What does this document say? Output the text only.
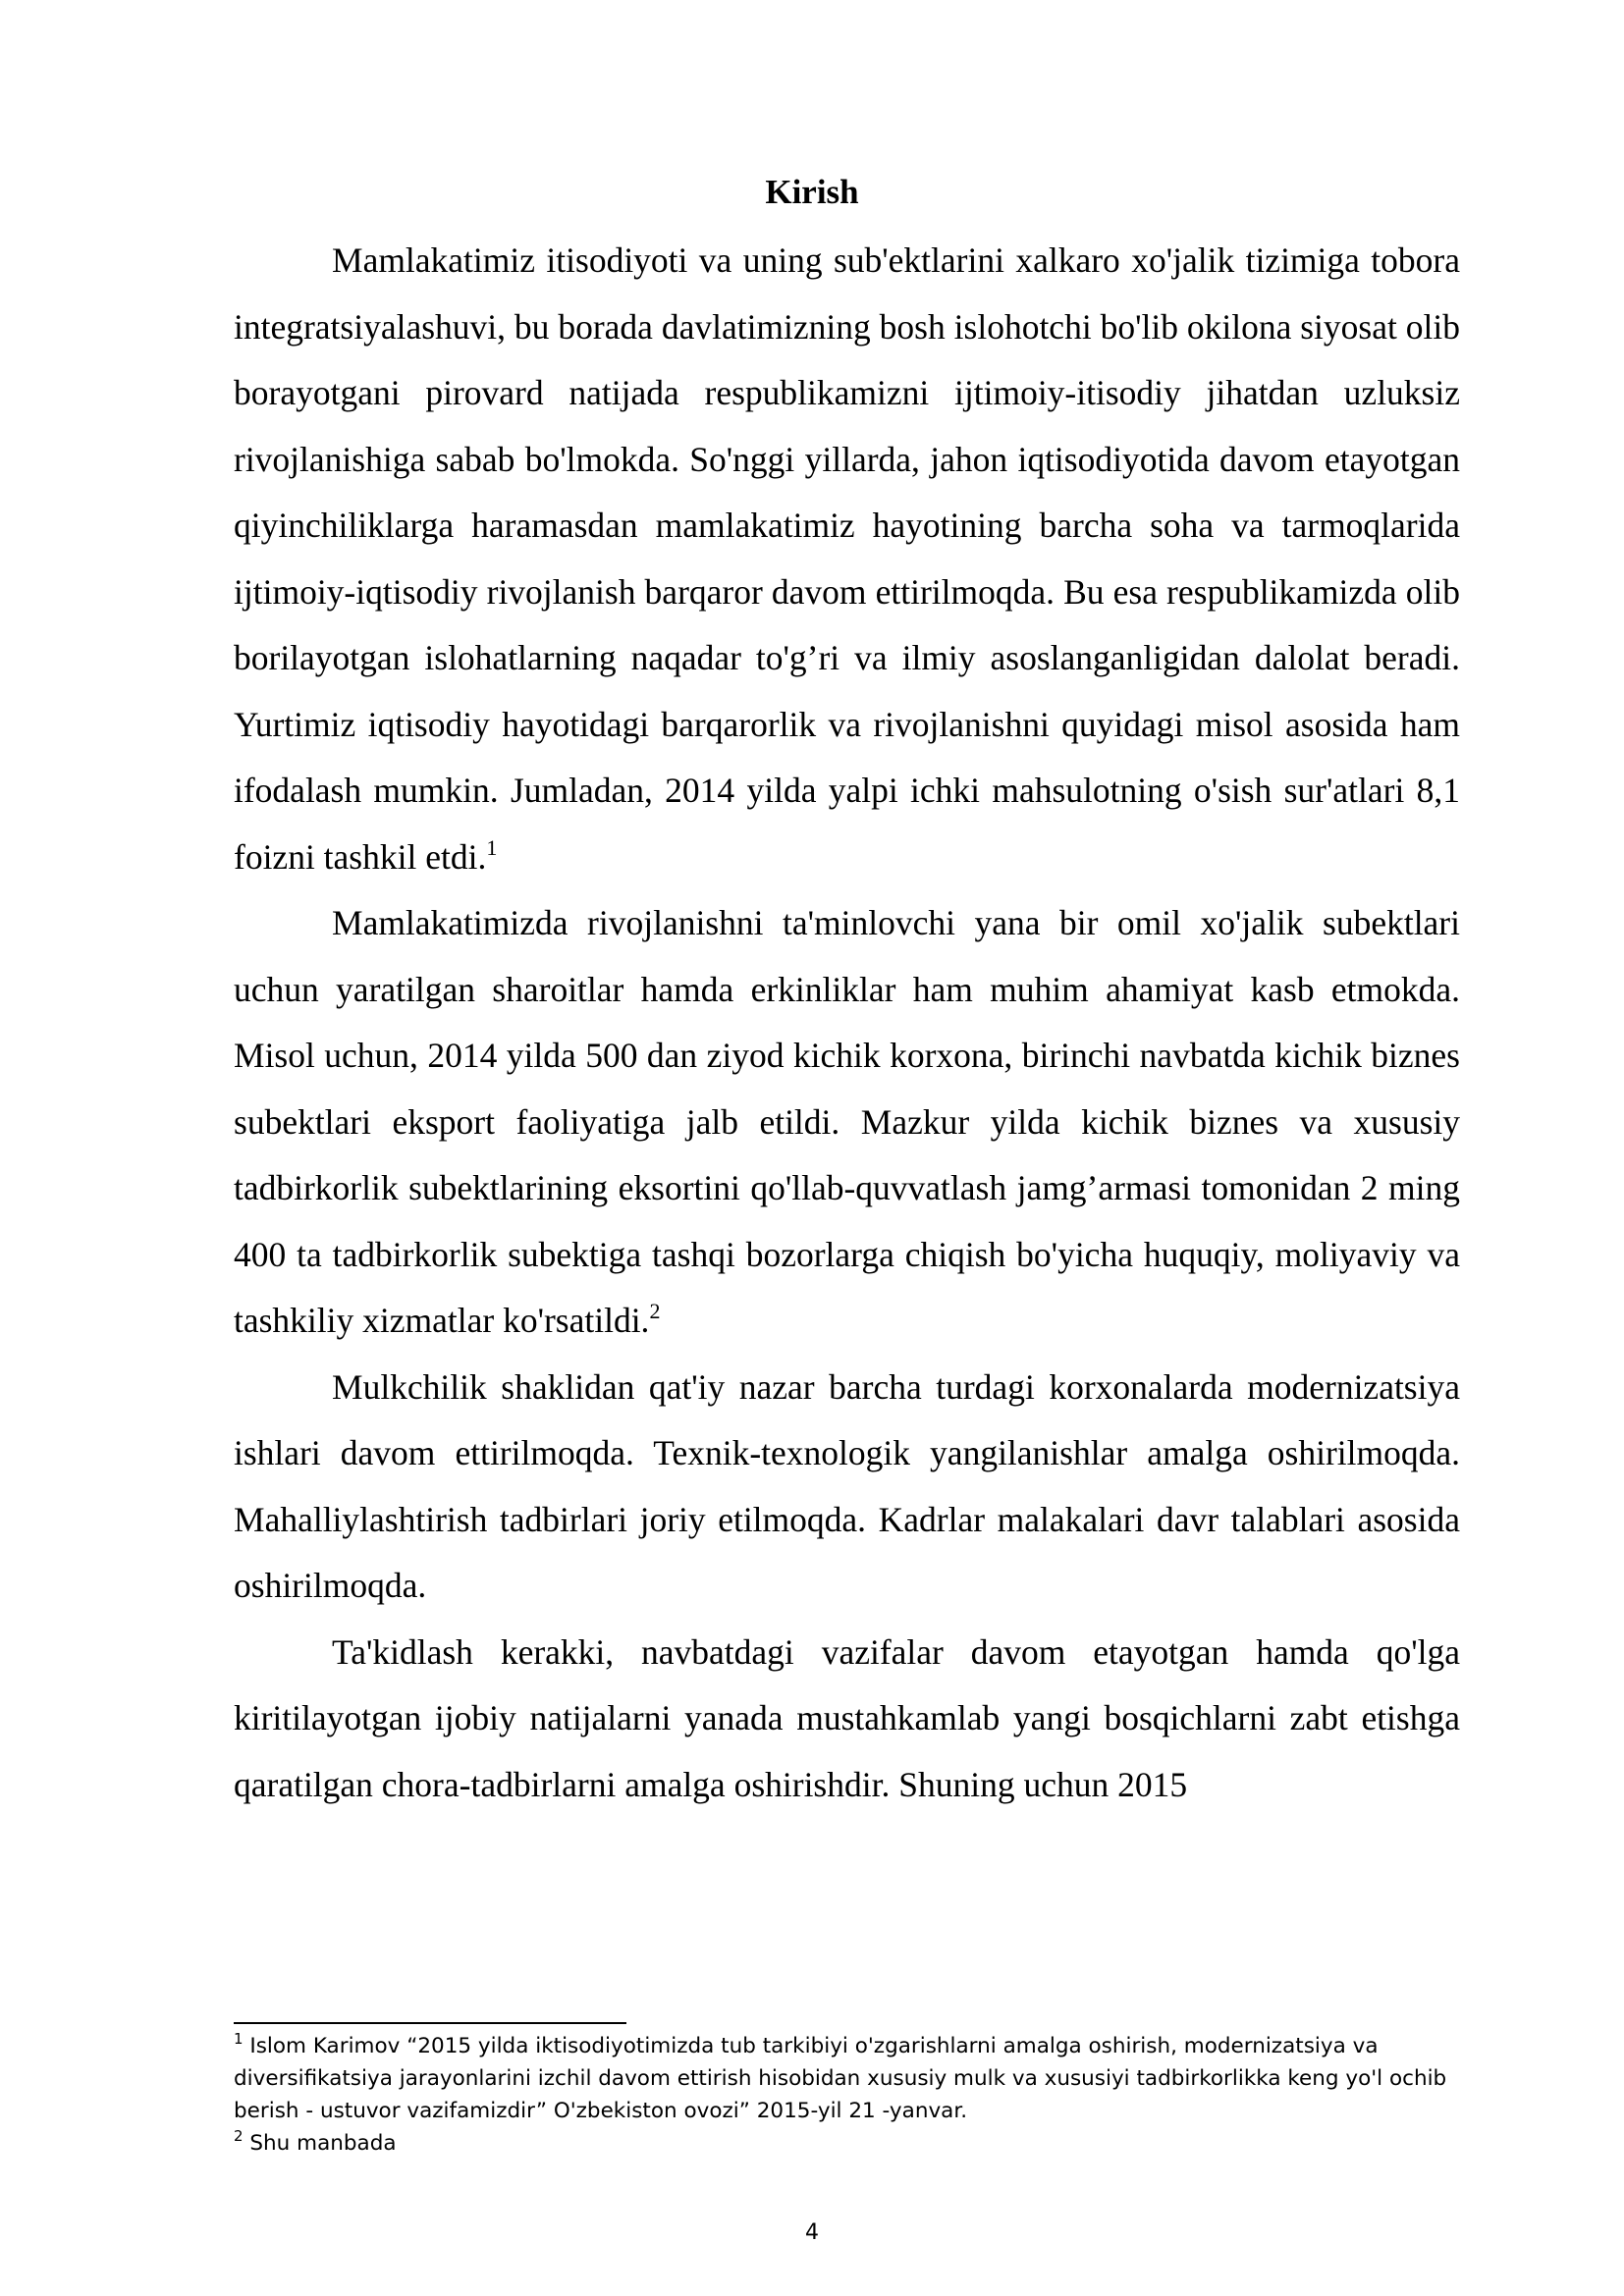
Kirish

Mamlakatimiz itisodiyoti va uning sub'ektlarini xalkaro xo'jalik tizimiga tobora integratsiyalashuvi, bu borada davlatimizning bosh islohotchi bo'lib okilona siyosat olib borayotgani pirovard natijada respublikamizni ijtimoiy-itisodiy jihatdan uzluksiz rivojlanishiga sabab bo'lmokda. So'nggi yillarda, jahon iqtisodiyotida davom etayotgan qiyinchiliklarga haramasdan mamlakatimiz hayotining barcha soha va tarmoqlarida ijtimoiy-iqtisodiy rivojlanish barqaror davom ettirilmoqda. Bu esa respublikamizda olib borilayotgan islohatlarning naqadar to'g’ri va ilmiy asoslanganligidan dalolat beradi. Yurtimiz iqtisodiy hayotidagi barqarorlik va rivojlanishni quyidagi misol asosida ham ifodalash mumkin. Jumladan, 2014 yilda yalpi ichki mahsulotning o'sish sur'atlari 8,1 foizni tashkil etdi.$^1$

Mamlakatimizda rivojlanishni ta'minlovchi yana bir omil xo'jalik subektlari uchun yaratilgan sharoitlar hamda erkinliklar ham muhim ahamiyat kasb etmokda. Misol uchun, 2014 yilda 500 dan ziyod kichik korxona, birinchi navbatda kichik biznes subektlari eksport faoliyatiga jalb etildi. Mazkur yilda kichik biznes va xususiy tadbirkorlik subektlarining eksortini qo'llab-quvvatlash jamg’armasi tomonidan 2 ming 400 ta tadbirkorlik subektiga tashqi bozorlarga chiqish bo'yicha huquqiy, moliyaviy va tashkiliy xizmatlar ko'rsatildi.$^2$

Mulkchilik shaklidan qat'iy nazar barcha turdagi korxonalarda modernizatsiya ishlari davom ettirilmoqda. Texnik-texnologik yangilanishlar amalga oshirilmoqda. Mahalliylashtirish tadbirlari joriy etilmoqda. Kadrlar malakalari davr talablari asosida oshirilmoqda.

Ta'kidlash kerakki, navbatdagi vazifalar davom etayotgan hamda qo'lga kiritilayotgan ijobiy natijalarni yanada mustahkamlab yangi bosqichlarni zabt etishga qaratilgan chora-tadbirlarni amalga oshirishdir. Shuning uchun 2015

$^1$ Islom Karimov “2015 yilda iktisodiyotimizda tub tarkibiyi o'zgarishlarni amalga oshirish, modernizatsiya va diversifikatsiya jarayonlarini izchil davom ettirish hisobidan xususiy mulk va xususiyi tadbirkorlikka keng yo'l ochib berish - ustuvor vazifamizdir” O'zbekiston ovozi” 2015-yil 21 -yanvar.

$^2$ Shu manbada

4
